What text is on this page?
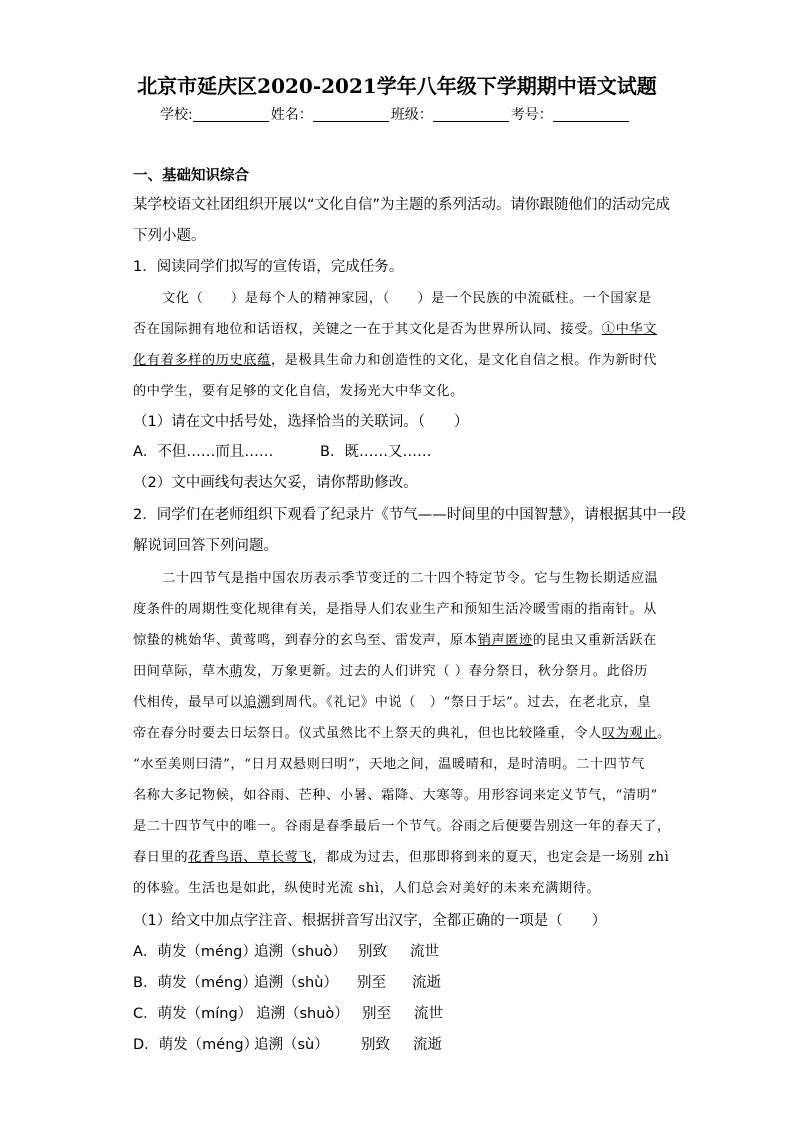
北京市延庆区2020-2021学年八年级下学期期中语文试题
学校:	姓名：	班级：	考号：
一、基础知识综合
某学校语文社团组织开展以“文化自信”为主题的系列活动。请你跟随他们的活动完成
下列小题。
1．阅读同学们拟写的宣传语，完成任务。
文化（　　）是每个人的精神家园，（　　）是一个民族的中流砥柱。一个国家是
否在国际拥有地位和话语权，关键之一在于其文化是否为世界所认同、接受。①中华文
化有着多样的历史底蕴，是极具生命力和创造性的文化，是文化自信之根。作为新时代
的中学生，要有足够的文化自信，发扬光大中华文化。
（1）请在文中括号处，选择恰当的关联词。（　　）
A．不但……而且……	B．既……又……
（2）文中画线句表达欠妥，请你帮助修改。
2．同学们在老师组织下观看了纪录片《节气——时间里的中国智慧》，请根据其中一段
解说词回答下列问题。
二十四节气是指中国农历表示季节变迁的二十四个特定节令。它与生物长期适应温
度条件的周期性变化规律有关，是指导人们农业生产和预知生活冷暖雪雨的指南针。从
惊蛰的桃始华、黄莺鸣，到春分的玄鸟至、雷发声，原本销声匿迹的昆虫又重新活跃在
田间草际，草木萌发，万象更新。过去的人们讲究（ ）春分祭日，秋分祭月。此俗历
代相传，最早可以追溯到周代。《礼记》中说（　）“祭日于坛”。过去，在老北京，皇
帝在春分时要去日坛祭日。仪式虽然比不上祭天的典礼，但也比较隆重，令人叹为观止。
“水至美则曰清”，“日月双悬则曰明”，天地之间，温暖晴和，是时清明。二十四节气
名称大多记物候，如谷雨、芒种、小暑、霜降、大寒等。用形容词来定义节气，“清明”
是二十四节气中的唯一。谷雨是春季最后一个节气。谷雨之后便要告别这一年的春天了，
春日里的花香鸟语、草长莺飞，都成为过去，但那即将到来的夏天，也定会是一场别 zhì
的体验。生活也是如此，纵使时光流 shì，人们总会对美好的未来充满期待。
（1）给文中加点字注音、根据拼音写出汉字，全都正确的一项是（　　）
A．萌发（méng）追溯（shuò） 别致 流世
B．萌发（méng）追溯（shù） 别至 流逝
C．萌发（míng） 追溯（shuò） 别至 流世
D．萌发（méng）追溯（sù） 别致 流逝
